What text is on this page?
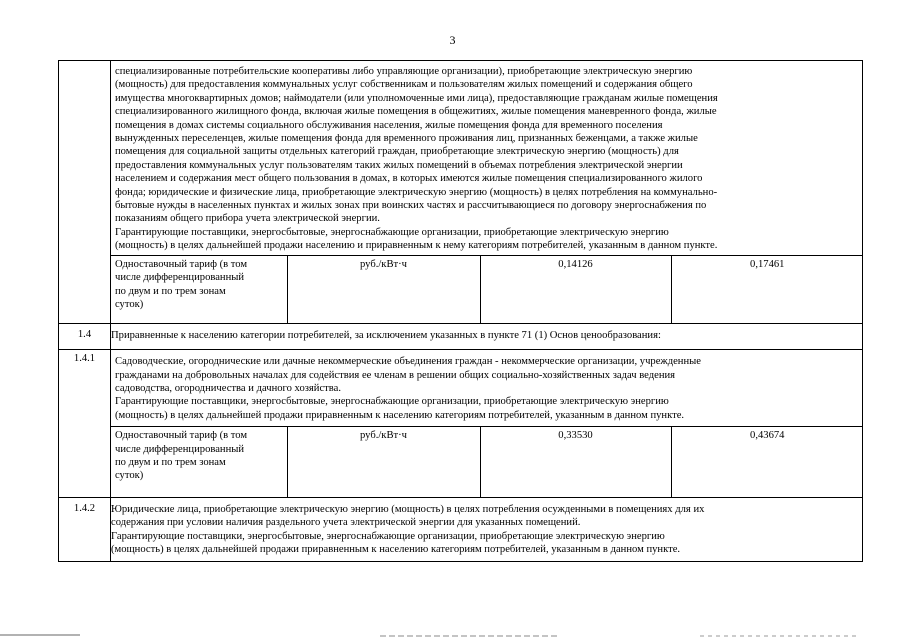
3

специализированные потребительские кооперативы либо управляющие организации), приобретающие электрическую энергию
(мощность) для предоставления коммунальных услуг собственникам и пользователям жилых помещений и содержания общего
имущества многоквартирных домов; наймодатели (или уполномоченные ими лица), предоставляющие гражданам жилые помещения
специализированного жилищного фонда, включая жилые помещения в общежитиях, жилые помещения маневренного фонда, жилые
помещения в домах системы социального обслуживания населения, жилые помещения фонда для временного поселения
вынужденных переселенцев, жилые помещения фонда для временного проживания лиц, признанных беженцами, а также жилые
помещения для социальной защиты отдельных категорий граждан, приобретающие электрическую энергию (мощность) для
предоставления коммунальных услуг пользователям таких жилых помещений в объемах потребления электрической энергии
населением и содержания мест общего пользования в домах, в которых имеются жилые помещения специализированного жилого
фонда; юридические и физические лица, приобретающие электрическую энергию (мощность) в целях потребления на коммунально-
бытовые нужды в населенных пунктах и жилых зонах при воинских частях и рассчитывающиеся по договору энергоснабжения по
показаниям общего прибора учета электрической энергии.
Гарантирующие поставщики, энергосбытовые, энергоснабжающие организации, приобретающие электрическую энергию
(мощность) в целях дальнейшей продажи населению и приравненным к нему категориям потребителей, указанным в данном пункте.
Одноставочный тариф (в том
числе дифференцированный
по двум и по трем зонам
суток)	руб./кВт·ч	0,14126	0,17461

1.4	Приравненные к населению категории потребителей, за исключением указанных в пункте 71 (1) Основ ценообразования:
1.4.1	Садоводческие, огороднические или дачные некоммерческие объединения граждан - некоммерческие организации, учрежденные
гражданами на добровольных началах для содействия ее членам в решении общих социально-хозяйственных задач ведения
садоводства, огородничества и дачного хозяйства.
Гарантирующие поставщики, энергосбытовые, энергоснабжающие организации, приобретающие электрическую энергию
(мощность) в целях дальнейшей продажи приравненным к населению категориям потребителей, указанным в данном пункте.
Одноставочный тариф (в том
числе дифференцированный
по двум и по трем зонам
суток)	руб./кВт·ч	0,33530	0,43674

1.4.2	Юридические лица, приобретающие электрическую энергию (мощность) в целях потребления осужденными в помещениях для их
содержания при условии наличия раздельного учета электрической энергии для указанных помещений.
Гарантирующие поставщики, энергосбытовые, энергоснабжающие организации, приобретающие электрическую энергию
(мощность) в целях дальнейшей продажи приравненным к населению категориям потребителей, указанным в данном пункте.
